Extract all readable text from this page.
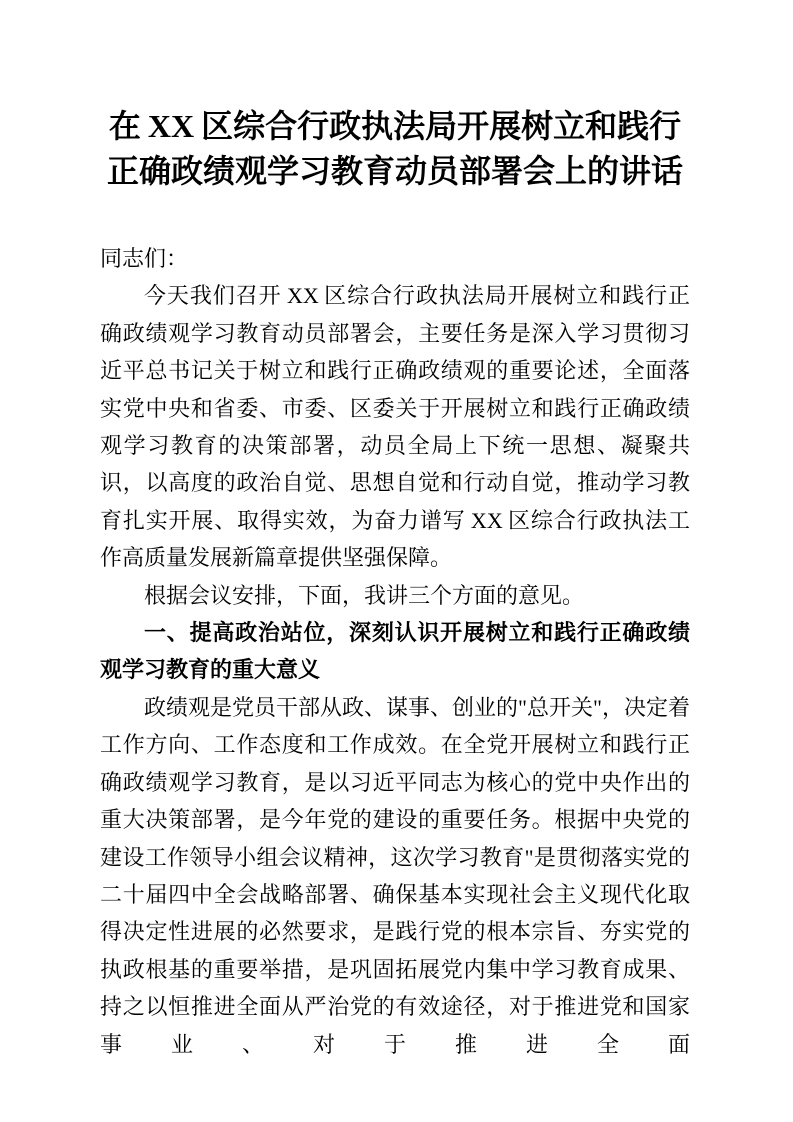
在 XX 区综合行政执法局开展树立和践行正确政绩观学习教育动员部署会上的讲话

同志们：

今天我们召开 XX 区综合行政执法局开展树立和践行正确政绩观学习教育动员部署会，主要任务是深入学习贯彻习近平总书记关于树立和践行正确政绩观的重要论述，全面落实党中央和省委、市委、区委关于开展树立和践行正确政绩观学习教育的决策部署，动员全局上下统一思想、凝聚共识，以高度的政治自觉、思想自觉和行动自觉，推动学习教育扎实开展、取得实效，为奋力谱写 XX 区综合行政执法工作高质量发展新篇章提供坚强保障。

根据会议安排，下面，我讲三个方面的意见。

一、提高政治站位，深刻认识开展树立和践行正确政绩观学习教育的重大意义

政绩观是党员干部从政、谋事、创业的"总开关"，决定着工作方向、工作态度和工作成效。在全党开展树立和践行正确政绩观学习教育，是以习近平同志为核心的党中央作出的重大决策部署，是今年党的建设的重要任务。根据中央党的建设工作领导小组会议精神，这次学习教育"是贯彻落实党的二十届四中全会战略部署、确保基本实现社会主义现代化取得决定性进展的必然要求，是践行党的根本宗旨、夯实党的执政根基的重要举措，是巩固拓展党内集中学习教育成果、持之以恒推进全面从严治党的有效途径，对于推进党和国家事业、对于推进全面
